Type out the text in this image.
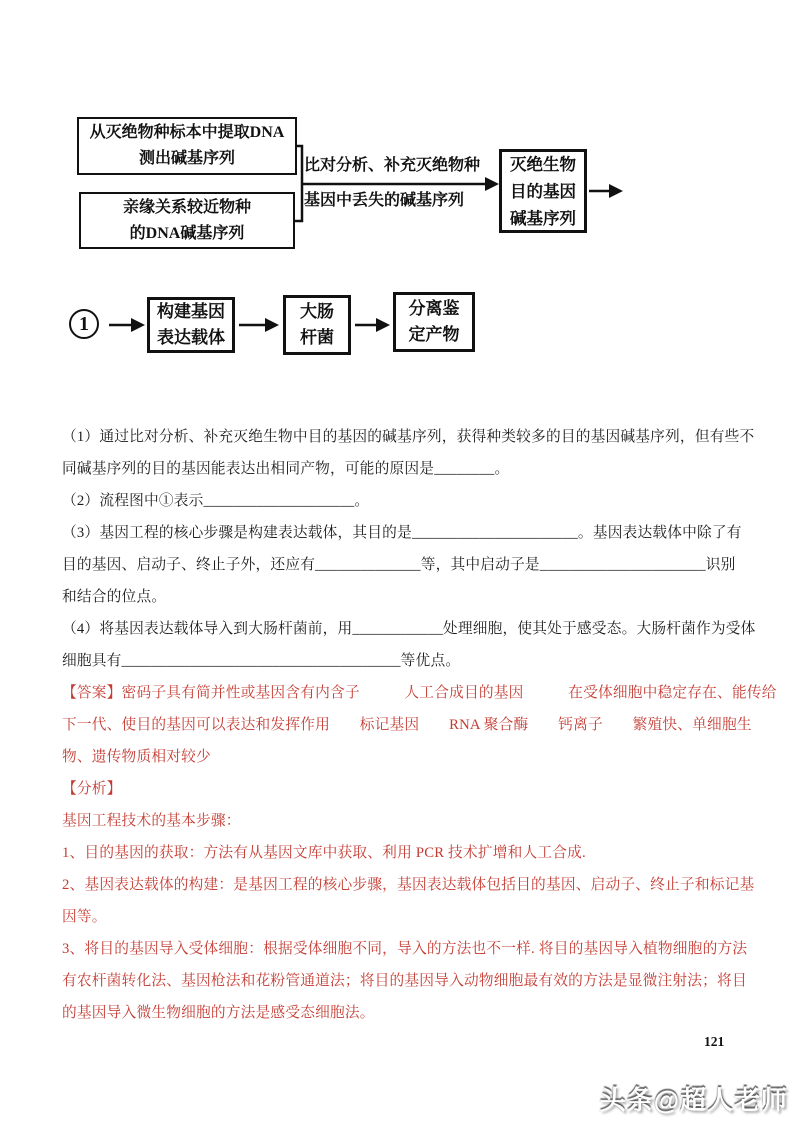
从灭绝物种标本中提取DNA
测出碱基序列
亲缘关系较近物种
的DNA碱基序列
比对分析、补充灭绝物种
基因中丢失的碱基序列
灭绝生物
目的基因
碱基序列
1
构建基因
表达载体
大肠
杆菌
分离鉴
定产物
（1）通过比对分析、补充灭绝生物中目的基因的碱基序列，获得种类较多的目的基因碱基序列，但有些不
同碱基序列的目的基因能表达出相同产物，可能的原因是________。
（2）流程图中①表示____________________。
（3）基因工程的核心步骤是构建表达载体，其目的是______________________。基因表达载体中除了有
目的基因、启动子、终止子外，还应有______________等，其中启动子是______________________识别
和结合的位点。
（4）将基因表达载体导入到大肠杆菌前，用____________处理细胞，使其处于感受态。大肠杆菌作为受体
细胞具有_____________________________________等优点。
【答案】密码子具有简并性或基因含有内含子　　　人工合成目的基因　　　在受体细胞中稳定存在、能传给
下一代、使目的基因可以表达和发挥作用　　标记基因　　RNA 聚合酶　　钙离子　　繁殖快、单细胞生
物、遗传物质相对较少
【分析】
基因工程技术的基本步骤：
1、目的基因的获取：方法有从基因文库中获取、利用 PCR 技术扩增和人工合成.
2、基因表达载体的构建：是基因工程的核心步骤，基因表达载体包括目的基因、启动子、终止子和标记基
因等。
3、将目的基因导入受体细胞：根据受体细胞不同，导入的方法也不一样. 将目的基因导入植物细胞的方法
有农杆菌转化法、基因枪法和花粉管通道法；将目的基因导入动物细胞最有效的方法是显微注射法；将目
的基因导入微生物细胞的方法是感受态细胞法。
121
头条@超人老师
